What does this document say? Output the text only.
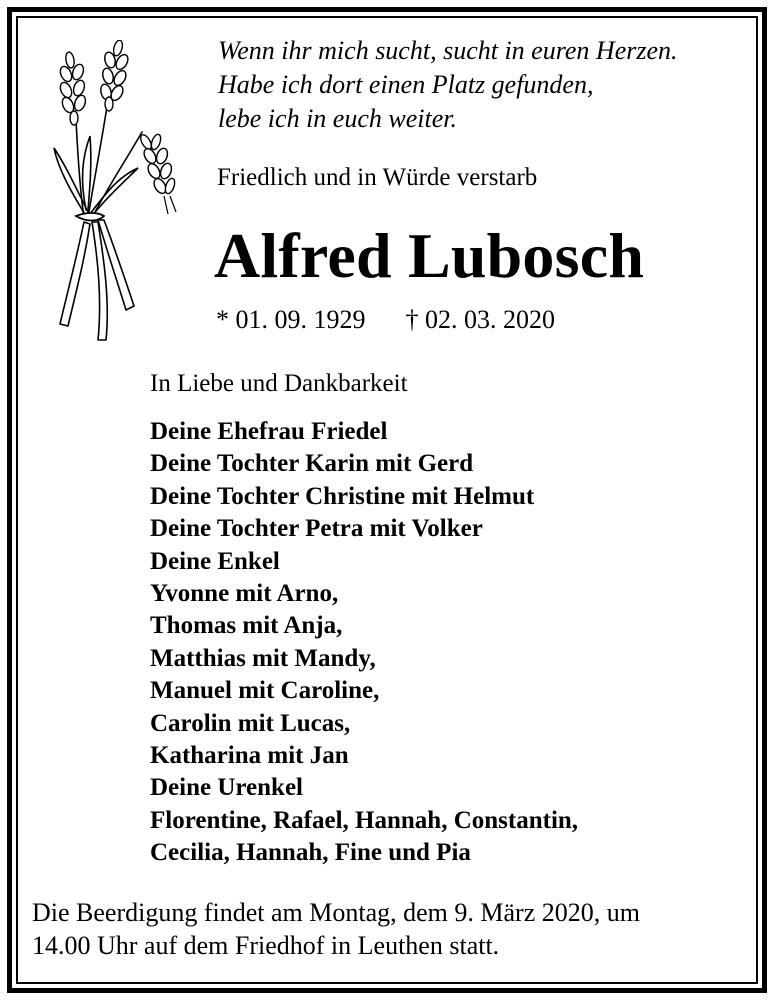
Wenn ihr mich sucht, sucht in euren Herzen.
Habe ich dort einen Platz gefunden,
lebe ich in euch weiter.
Friedlich und in Würde verstarb
Alfred Lubosch
* 01. 09. 1929 † 02. 03. 2020
In Liebe und Dankbarkeit
Deine Ehefrau Friedel
Deine Tochter Karin mit Gerd
Deine Tochter Christine mit Helmut
Deine Tochter Petra mit Volker
Deine Enkel
Yvonne mit Arno,
Thomas mit Anja,
Matthias mit Mandy,
Manuel mit Caroline,
Carolin mit Lucas,
Katharina mit Jan
Deine Urenkel
Florentine, Rafael, Hannah, Constantin,
Cecilia, Hannah, Fine und Pia
Die Beerdigung findet am Montag, dem 9. März 2020, um
14.00 Uhr auf dem Friedhof in Leuthen statt.
